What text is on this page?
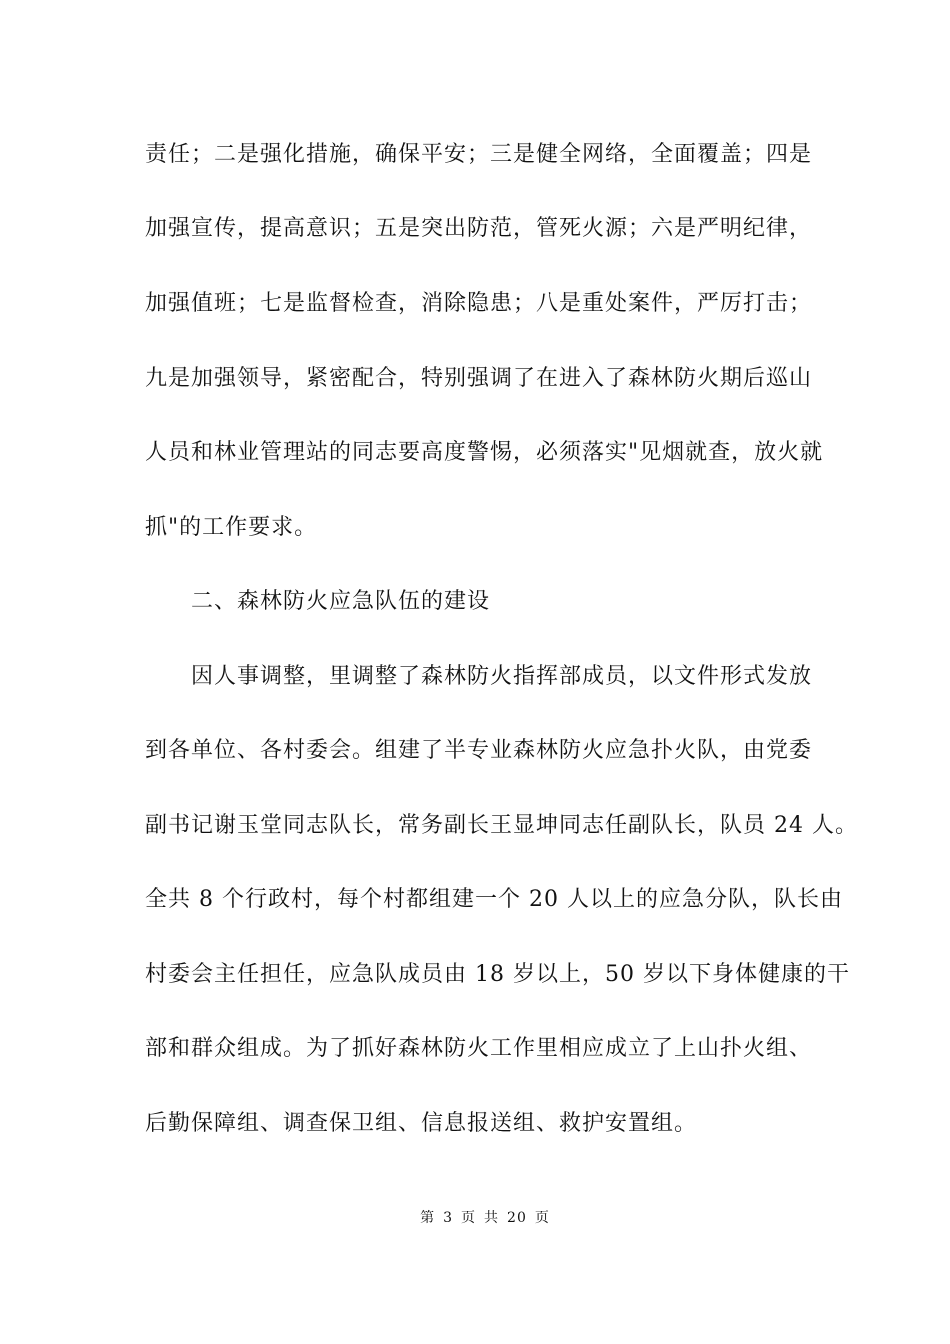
责任；二是强化措施，确保平安；三是健全网络，全面覆盖；四是
加强宣传，提高意识；五是突出防范，管死火源；六是严明纪律，
加强值班；七是监督检查，消除隐患；八是重处案件，严厉打击；
九是加强领导，紧密配合，特别强调了在进入了森林防火期后巡山
人员和林业管理站的同志要高度警惕，必须落实"见烟就查，放火就
抓"的工作要求。
二、森林防火应急队伍的建设
因人事调整，里调整了森林防火指挥部成员，以文件形式发放
到各单位、各村委会。组建了半专业森林防火应急扑火队，由党委
副书记谢玉堂同志队长，常务副长王显坤同志任副队长，队员 24 人。
全共 8 个行政村，每个村都组建一个 20 人以上的应急分队，队长由
村委会主任担任，应急队成员由 18 岁以上，50 岁以下身体健康的干
部和群众组成。为了抓好森林防火工作里相应成立了上山扑火组、
后勤保障组、调查保卫组、信息报送组、救护安置组。
第 3 页 共 20 页
